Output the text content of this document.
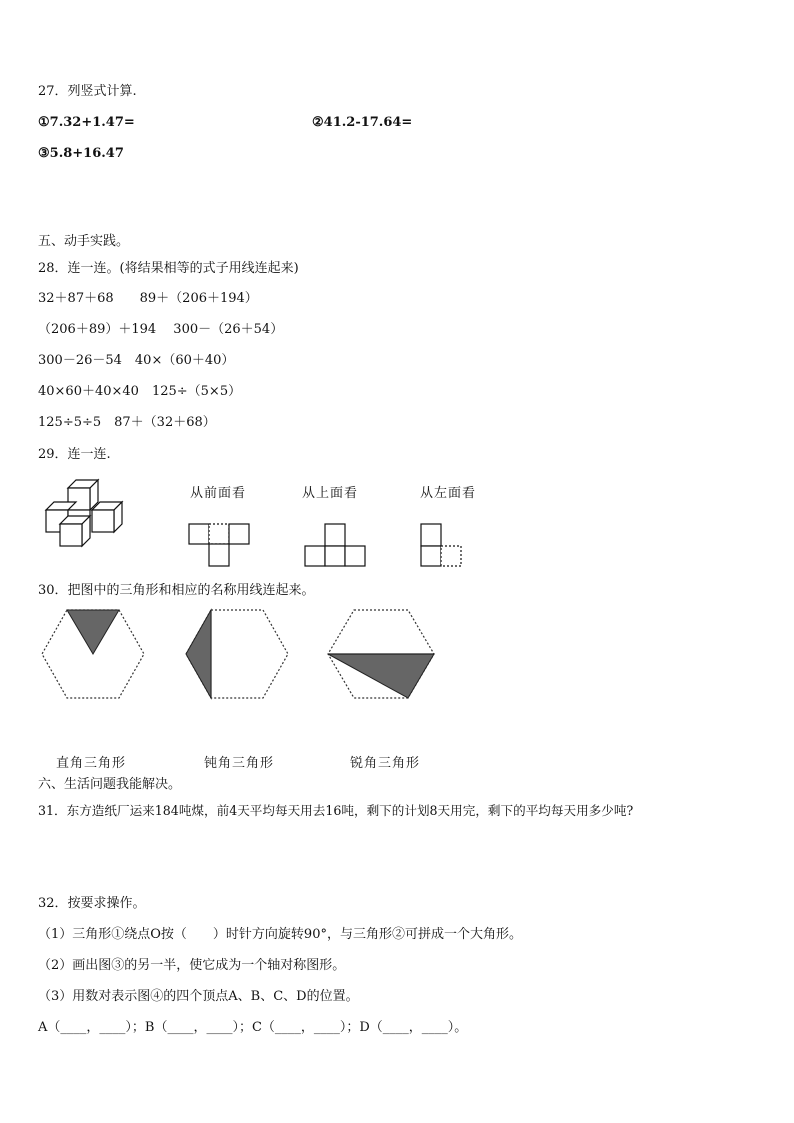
27．列竖式计算.
①7.32+1.47=	②41.2-17.64=
③5.8+16.47
五、动手实践。
28．连一连。(将结果相等的式子用线连起来)
32＋87＋68　　89＋（206＋194）
（206＋89）＋194　 300－（26＋54）
300－26－54　40×（60＋40）
40×60＋40×40　125÷（5×5）
125÷5÷5　87＋（32＋68）
29．连一连.
从前面看	从上面看	从左面看
30．把图中的三角形和相应的名称用线连起来。
直角三角形	钝角三角形	锐角三角形
六、生活问题我能解决。
31．东方造纸厂运来184吨煤，前4天平均每天用去16吨，剩下的计划8天用完，剩下的平均每天用多少吨?
32．按要求操作。
（1）三角形①绕点O按（　　）时针方向旋转90°，与三角形②可拼成一个大角形。
（2）画出图③的另一半，使它成为一个轴对称图形。
（3）用数对表示图④的四个顶点A、B、C、D的位置。
A（____，____）；B（____，____）；C（____，____）；D（____，____）。
